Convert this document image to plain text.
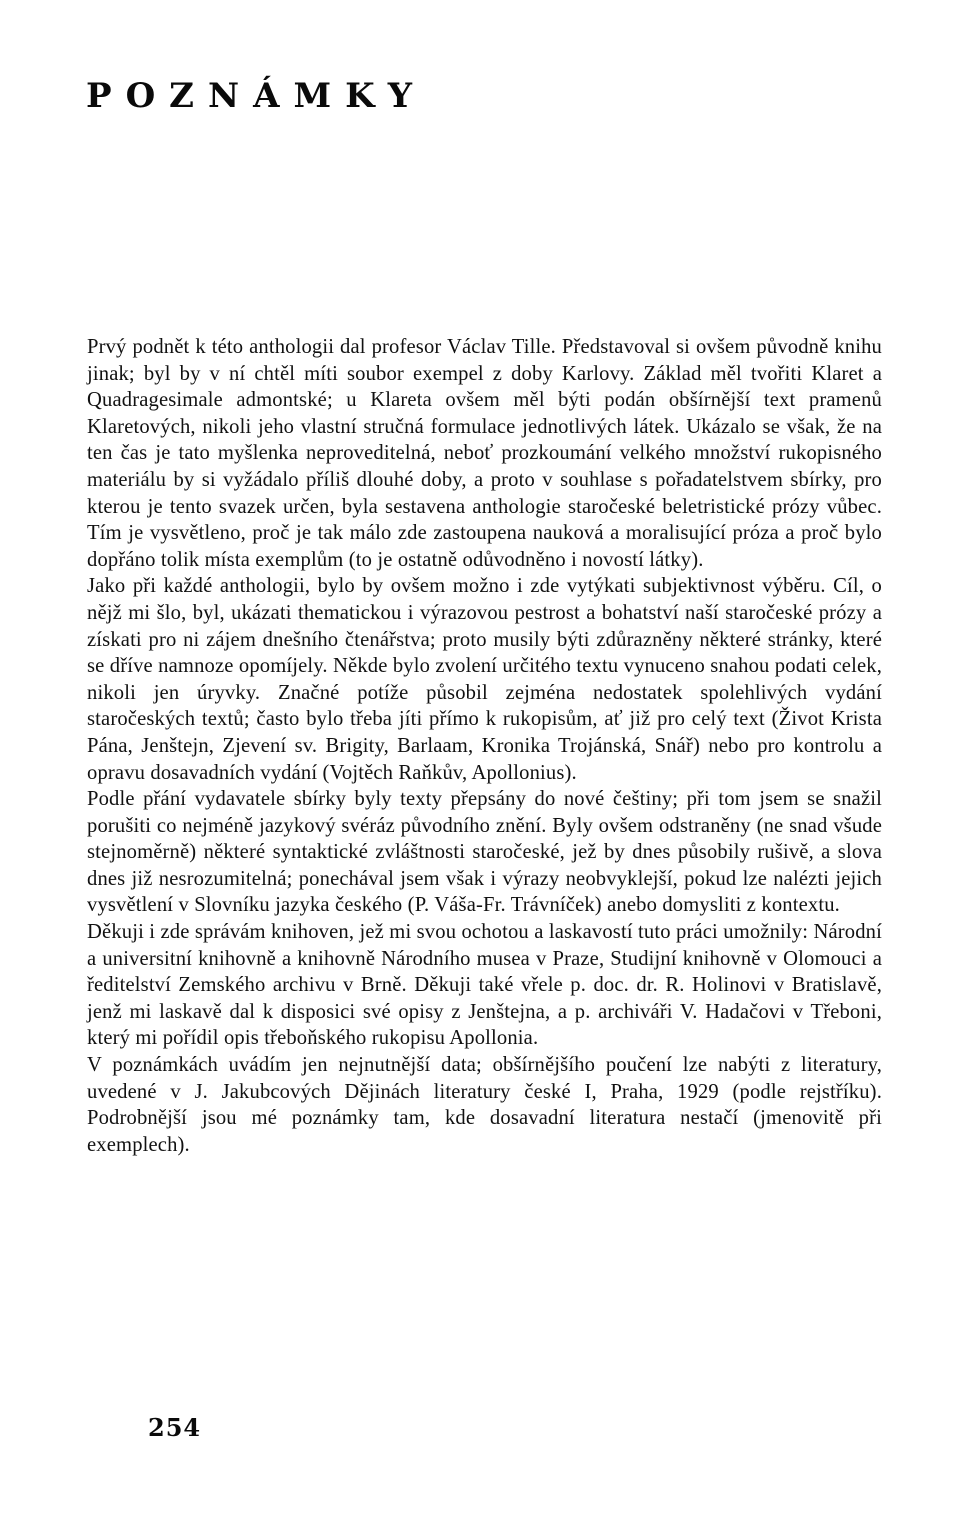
POZNÁMKY

Prvý podnět k této anthologii dal profesor Václav Tille. Představoval si ovšem původně knihu jinak; byl by v ní chtěl míti soubor exempel z doby Karlovy. Základ měl tvořiti Klaret a Quadragesimale admontské; u Klareta ovšem měl býti podán obšírnější text pramenů Klaretových, nikoli jeho vlastní stručná formulace jednotlivých látek. Ukázalo se však, že na ten čas je tato myšlenka neproveditelná, neboť prozkoumání velkého množství rukopisného materiálu by si vyžádalo příliš dlouhé doby, a proto v souhlase s pořadatelstvem sbírky, pro kterou je tento svazek určen, byla sestavena anthologie staročeské beletristické prózy vůbec. Tím je vysvětleno, proč je tak málo zde zastoupena nauková a moralisující próza a proč bylo dopřáno tolik místa exemplům (to je ostatně odůvodněno i novostí látky).

Jako při každé anthologii, bylo by ovšem možno i zde vytýkati subjektivnost výběru. Cíl, o nějž mi šlo, byl, ukázati thematickou i výrazovou pestrost a bohatství naší staročeské prózy a získati pro ni zájem dnešního čtenářstva; proto musily býti zdůrazněny některé stránky, které se dříve namnoze opomíjely. Někde bylo zvolení určitého textu vynuceno snahou podati celek, nikoli jen úryvky. Značné potíže působil zejména nedostatek spolehlivých vydání staročeských textů; často bylo třeba jíti přímo k rukopisům, ať již pro celý text (Život Krista Pána, Jenštejn, Zjevení sv. Brigity, Barlaam, Kronika Trojánská, Snář) nebo pro kontrolu a opravu dosavadních vydání (Vojtěch Raňkův, Apollonius).

Podle přání vydavatele sbírky byly texty přepsány do nové češtiny; při tom jsem se snažil porušiti co nejméně jazykový svéráz původního znění. Byly ovšem odstraněny (ne snad všude stejnoměrně) některé syntaktické zvláštnosti staročeské, jež by dnes působily rušivě, a slova dnes již nesrozumitelná; ponechával jsem však i výrazy neobvyklejší, pokud lze nalézti jejich vysvětlení v Slovníku jazyka českého (P. Váša-Fr. Trávníček) anebo domysliti z kontextu.

Děkuji i zde správám knihoven, jež mi svou ochotou a laskavostí tuto práci umožnily: Národní a universitní knihovně a knihovně Národního musea v Praze, Studijní knihovně v Olomouci a ředitelství Zemského archivu v Brně. Děkuji také vřele p. doc. dr. R. Holinovi v Bratislavě, jenž mi laskavě dal k disposici své opisy z Jenštejna, a p. archiváři V. Hadačovi v Třeboni, který mi pořídil opis třeboňského rukopisu Apollonia.

V poznámkách uvádím jen nejnutnější data; obšírnějšího poučení lze nabýti z literatury, uvedené v J. Jakubcových Dějinách literatury české I, Praha, 1929 (podle rejstříku). Podrobnější jsou mé poznámky tam, kde dosavadní literatura nestačí (jmenovitě při exemplech).

254
